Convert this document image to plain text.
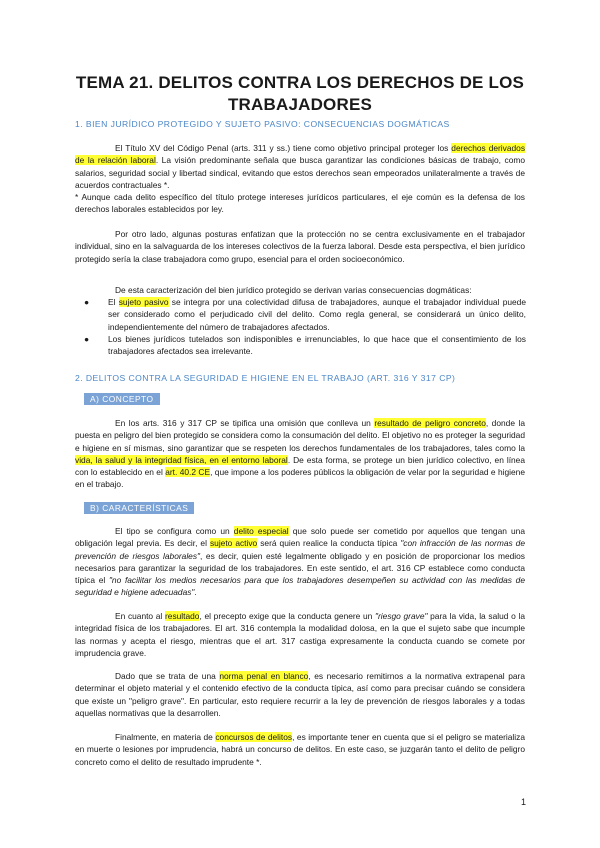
TEMA 21. DELITOS CONTRA LOS DERECHOS DE LOS TRABAJADORES
1. BIEN JURÍDICO PROTEGIDO Y SUJETO PASIVO: CONSECUENCIAS DOGMÁTICAS
El Título XV del Código Penal (arts. 311 y ss.) tiene como objetivo principal proteger los derechos derivados de la relación laboral. La visión predominante señala que busca garantizar las condiciones básicas de trabajo, como salarios, seguridad social y libertad sindical, evitando que estos derechos sean empeorados unilateralmente a través de acuerdos contractuales *.
* Aunque cada delito específico del título protege intereses jurídicos particulares, el eje común es la defensa de los derechos laborales establecidos por ley.
Por otro lado, algunas posturas enfatizan que la protección no se centra exclusivamente en el trabajador individual, sino en la salvaguarda de los intereses colectivos de la fuerza laboral. Desde esta perspectiva, el bien jurídico protegido sería la clase trabajadora como grupo, esencial para el orden socioeconómico.
De esta caracterización del bien jurídico protegido se derivan varias consecuencias dogmáticas:
● El sujeto pasivo se integra por una colectividad difusa de trabajadores, aunque el trabajador individual puede ser considerado como el perjudicado civil del delito. Como regla general, se considerará un único delito, independientemente del número de trabajadores afectados.
● Los bienes jurídicos tutelados son indisponibles e irrenunciables, lo que hace que el consentimiento de los trabajadores afectados sea irrelevante.
2. DELITOS CONTRA LA SEGURIDAD E HIGIENE EN EL TRABAJO (ART. 316 Y 317 CP)
A) CONCEPTO
En los arts. 316 y 317 CP se tipifica una omisión que conlleva un resultado de peligro concreto, donde la puesta en peligro del bien protegido se considera como la consumación del delito. El objetivo no es proteger la seguridad e higiene en sí mismas, sino garantizar que se respeten los derechos fundamentales de los trabajadores, tales como la vida, la salud y la integridad física, en el entorno laboral. De esta forma, se protege un bien jurídico colectivo, en línea con lo establecido en el art. 40.2 CE, que impone a los poderes públicos la obligación de velar por la seguridad e higiene en el trabajo.
B) CARACTERÍSTICAS
El tipo se configura como un delito especial que solo puede ser cometido por aquellos que tengan una obligación legal previa. Es decir, el sujeto activo será quien realice la conducta típica "con infracción de las normas de prevención de riesgos laborales", es decir, quien esté legalmente obligado y en posición de proporcionar los medios necesarios para garantizar la seguridad de los trabajadores. En este sentido, el art. 316 CP establece como conducta típica el "no facilitar los medios necesarios para que los trabajadores desempeñen su actividad con las medidas de seguridad e higiene adecuadas".
En cuanto al resultado, el precepto exige que la conducta genere un "riesgo grave" para la vida, la salud o la integridad física de los trabajadores. El art. 316 contempla la modalidad dolosa, en la que el sujeto sabe que incumple las normas y acepta el riesgo, mientras que el art. 317 castiga expresamente la conducta cuando se comete por imprudencia grave.
Dado que se trata de una norma penal en blanco, es necesario remitirnos a la normativa extrapenal para determinar el objeto material y el contenido efectivo de la conducta típica, así como para precisar cuándo se considera que existe un "peligro grave". En particular, esto requiere recurrir a la ley de prevención de riesgos laborales y a todas aquellas normativas que la desarrollen.
Finalmente, en materia de concursos de delitos, es importante tener en cuenta que si el peligro se materializa en muerte o lesiones por imprudencia, habrá un concurso de delitos. En este caso, se juzgarán tanto el delito de peligro concreto como el delito de resultado imprudente *.
1
